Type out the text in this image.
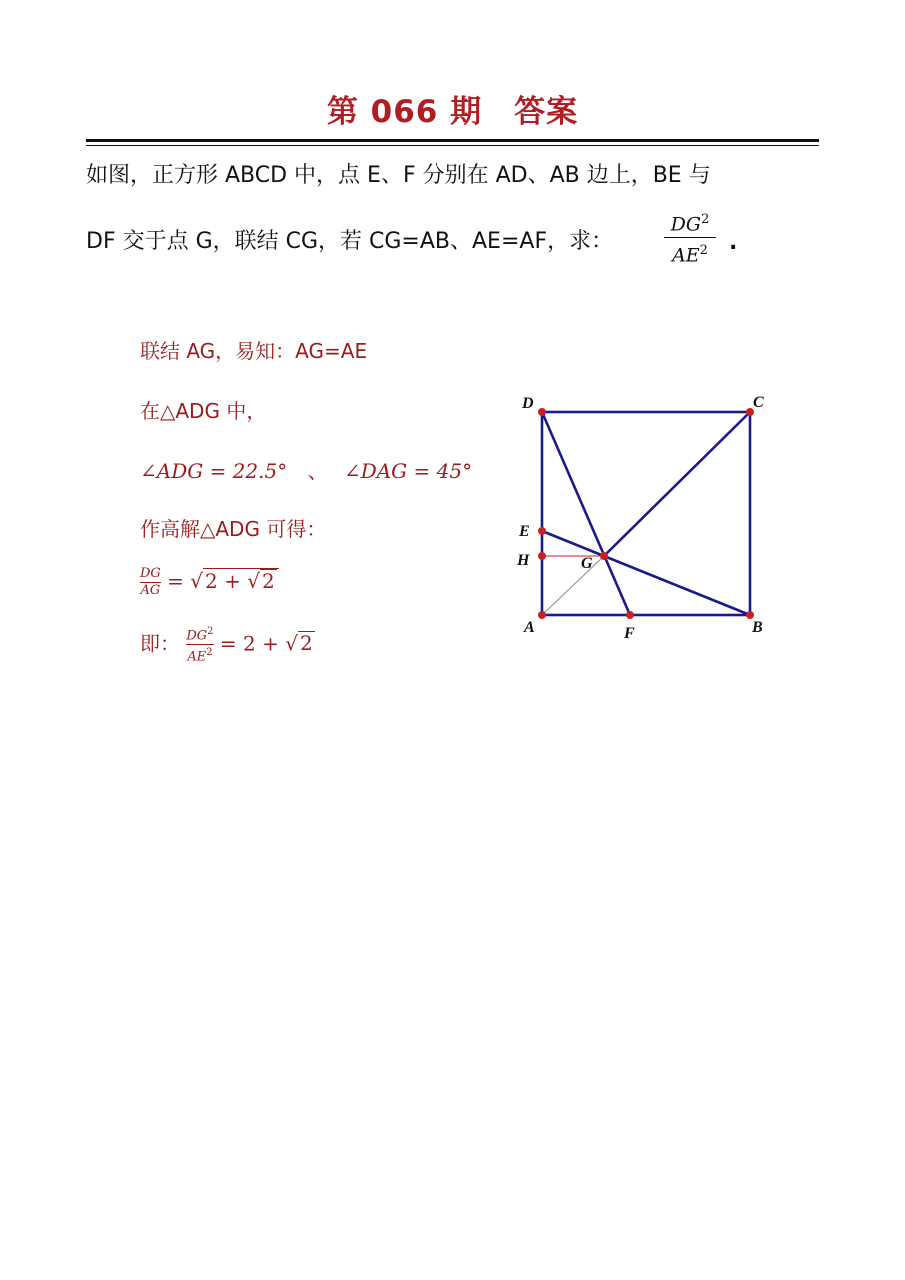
第 066 期　答案
如图，正方形 ABCD 中，点 E、F 分别在 AD、AB 边上，BE 与
DF 交于点 G，联结 CG，若 CG=AB、AE=AF，求：
$DG^2$
$AE^2$ .
联结 AG，易知：AG=AE
在△ADG 中，
∠ADG = 22.5° 、 ∠DAG = 45°
作高解△ADG 可得：
$\frac{DG}{AG}$ = √ 2 + √ 2
即： $\frac{DG^2}{AE^2} = 2$ + √ 2
D	C
E
H	G
A	F	B
